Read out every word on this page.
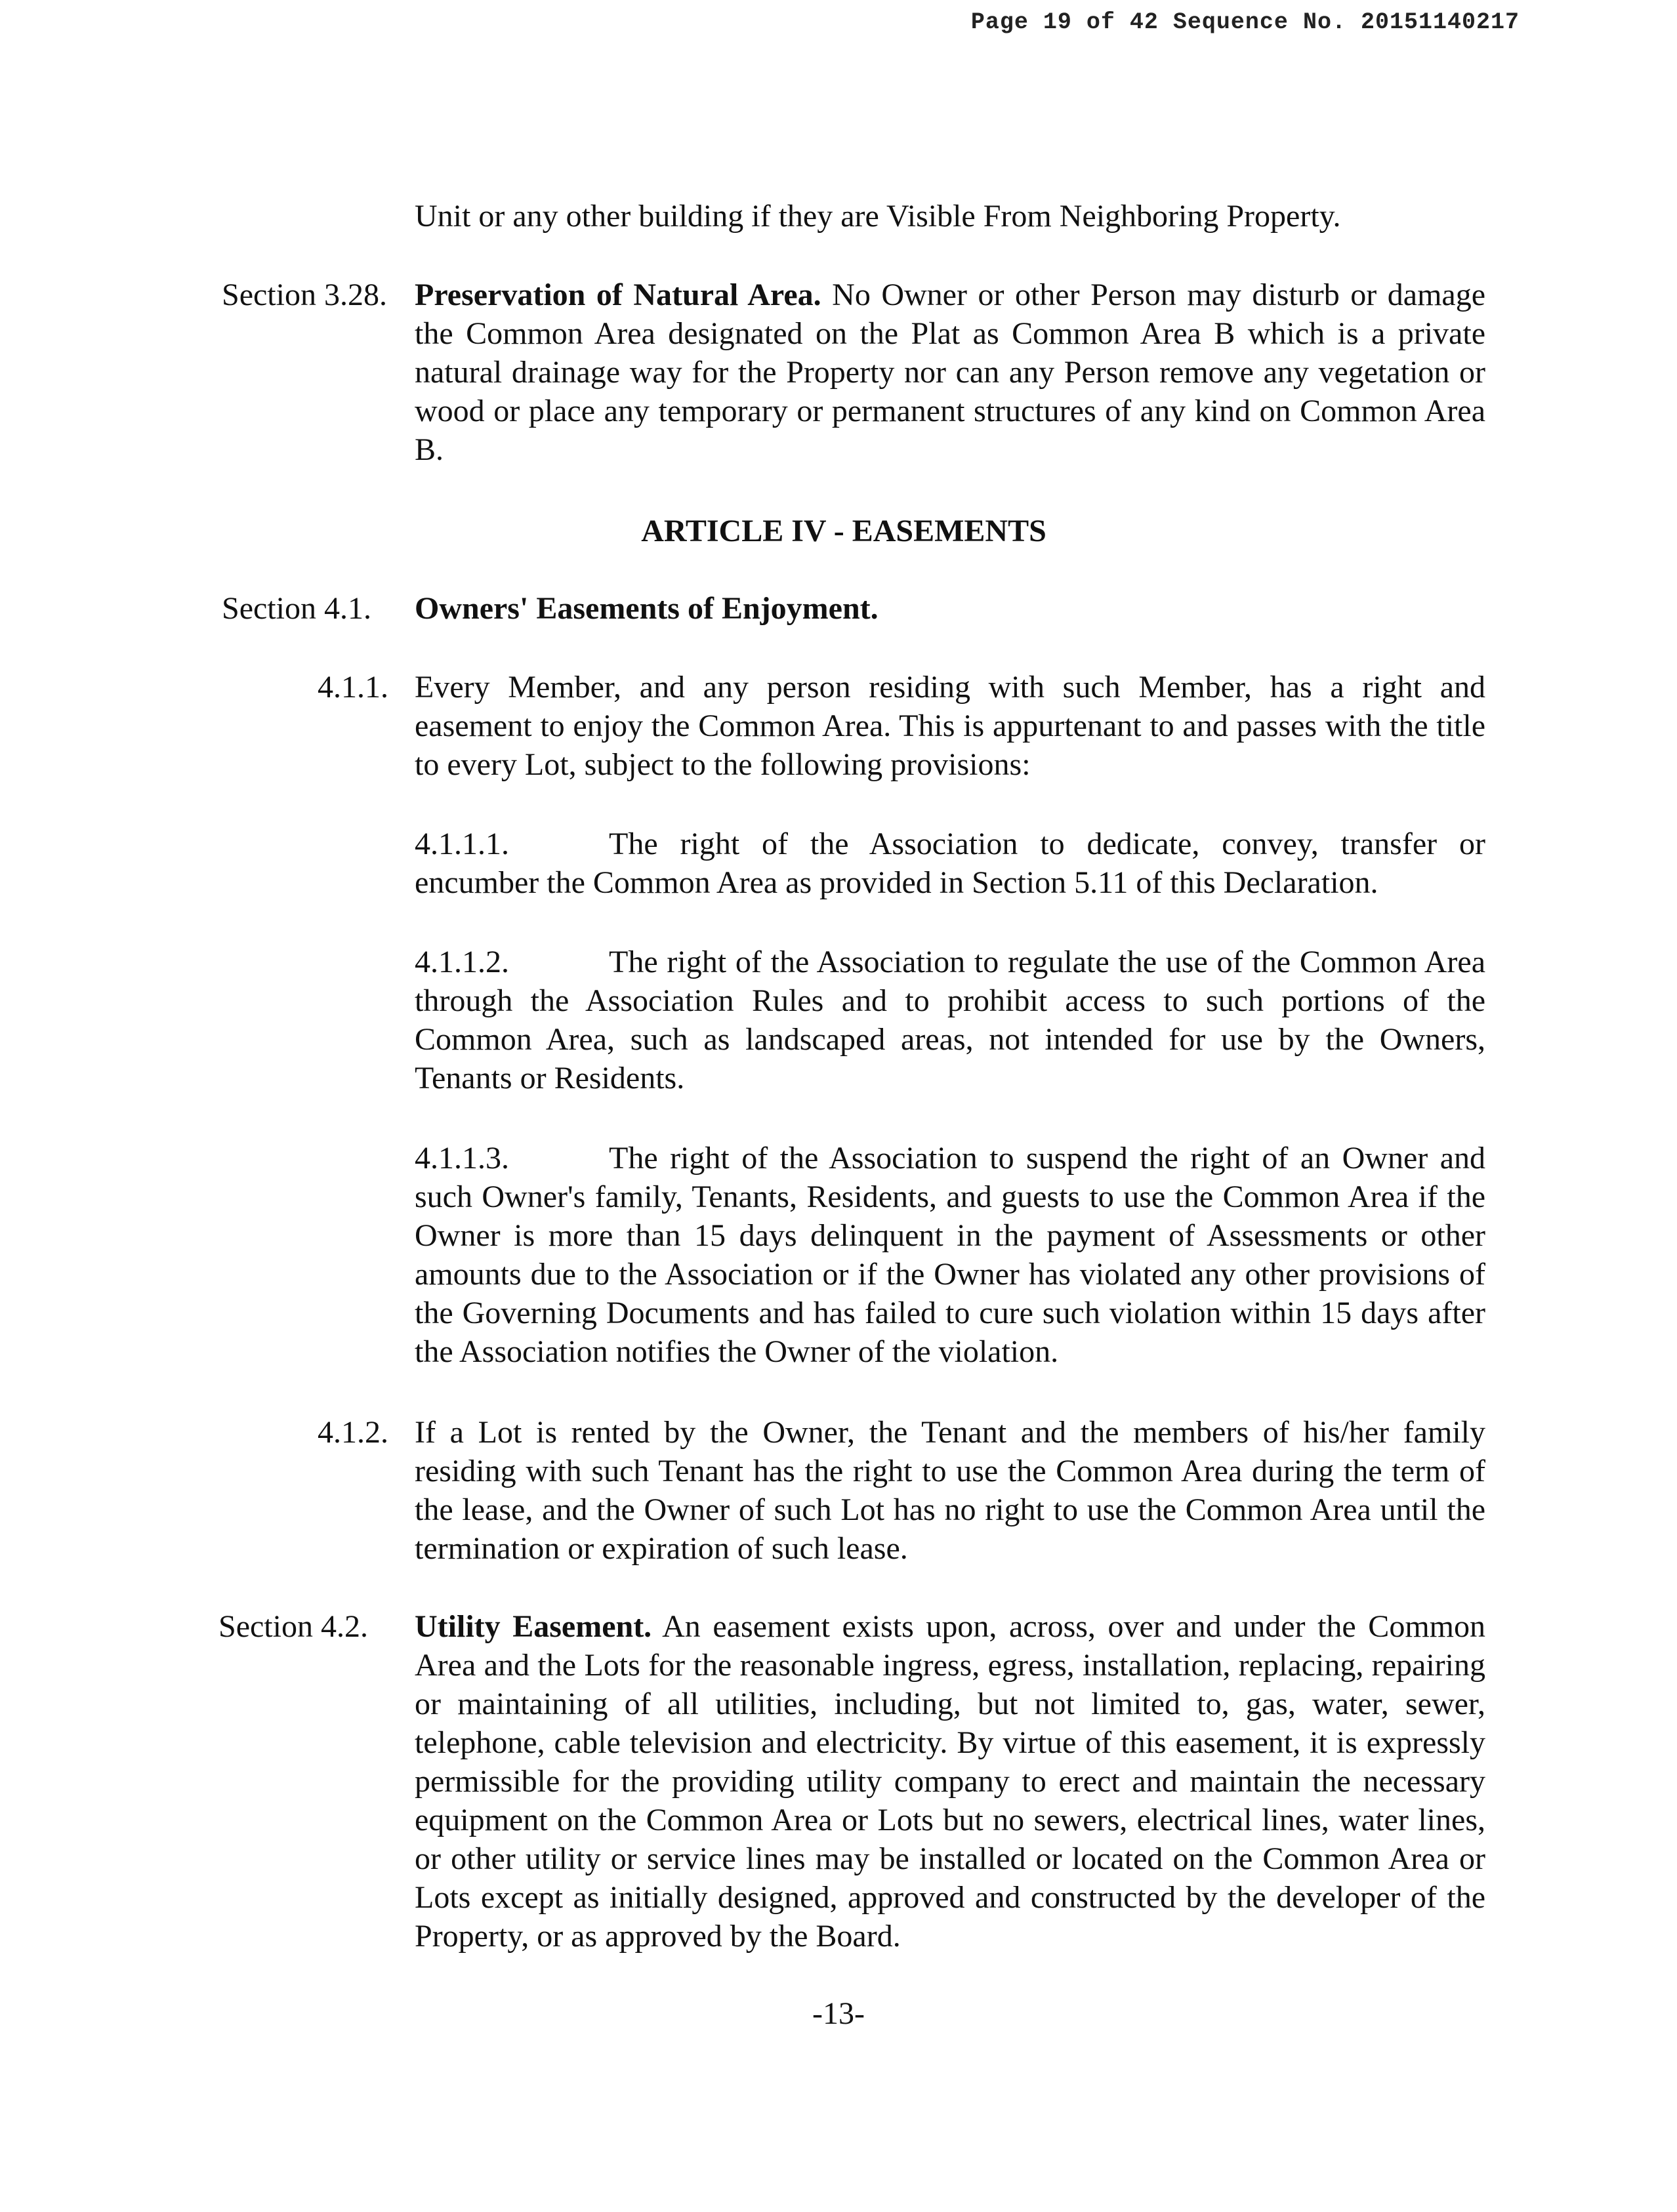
Page 19 of 42 Sequence No. 20151140217
Unit or any other building if they are Visible From Neighboring Property.
Section 3.28. Preservation of Natural Area. No Owner or other Person may disturb or damage the Common Area designated on the Plat as Common Area B which is a private natural drainage way for the Property nor can any Person remove any vegetation or wood or place any temporary or permanent structures of any kind on Common Area B.
ARTICLE IV - EASEMENTS
Section 4.1. Owners' Easements of Enjoyment.
4.1.1. Every Member, and any person residing with such Member, has a right and easement to enjoy the Common Area. This is appurtenant to and passes with the title to every Lot, subject to the following provisions:
4.1.1.1.	The right of the Association to dedicate, convey, transfer or encumber the Common Area as provided in Section 5.11 of this Declaration.
4.1.1.2.	The right of the Association to regulate the use of the Common Area through the Association Rules and to prohibit access to such portions of the Common Area, such as landscaped areas, not intended for use by the Owners, Tenants or Residents.
4.1.1.3.	The right of the Association to suspend the right of an Owner and such Owner's family, Tenants, Residents, and guests to use the Common Area if the Owner is more than 15 days delinquent in the payment of Assessments or other amounts due to the Association or if the Owner has violated any other provisions of the Governing Documents and has failed to cure such violation within 15 days after the Association notifies the Owner of the violation.
4.1.2. If a Lot is rented by the Owner, the Tenant and the members of his/her family residing with such Tenant has the right to use the Common Area during the term of the lease, and the Owner of such Lot has no right to use the Common Area until the termination or expiration of such lease.
Section 4.2. Utility Easement. An easement exists upon, across, over and under the Common Area and the Lots for the reasonable ingress, egress, installation, replacing, repairing or maintaining of all utilities, including, but not limited to, gas, water, sewer, telephone, cable television and electricity. By virtue of this easement, it is expressly permissible for the providing utility company to erect and maintain the necessary equipment on the Common Area or Lots but no sewers, electrical lines, water lines, or other utility or service lines may be installed or located on the Common Area or Lots except as initially designed, approved and constructed by the developer of the Property, or as approved by the Board.
-13-
